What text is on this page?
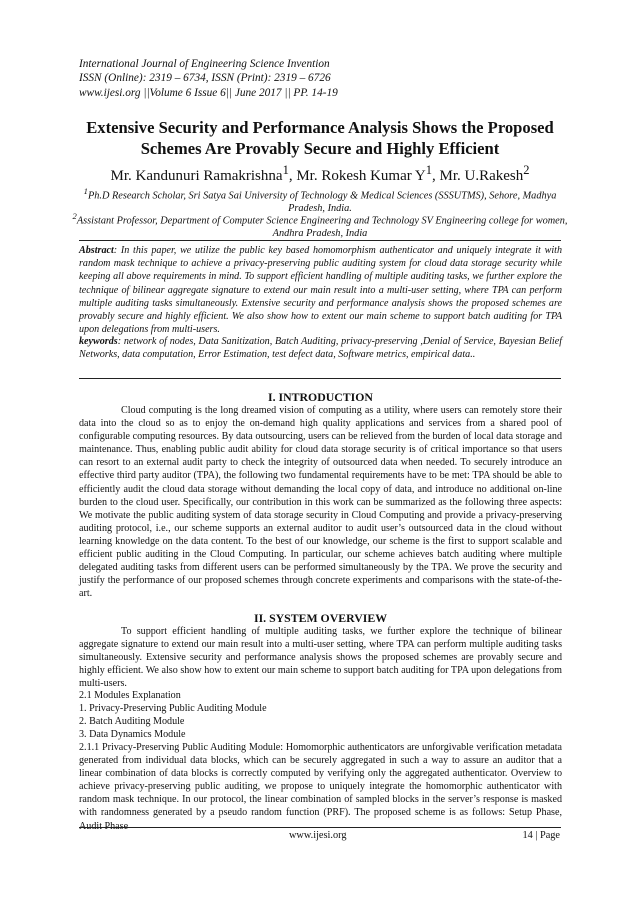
International Journal of Engineering Science Invention
ISSN (Online): 2319 – 6734, ISSN (Print): 2319 – 6726
www.ijesi.org ||Volume 6 Issue 6|| June 2017 || PP. 14-19
Extensive Security and Performance Analysis Shows the Proposed Schemes Are Provably Secure and Highly Efficient
Mr. Kandunuri Ramakrishna$^1$, Mr. Rokesh Kumar $Y^1$, Mr. U.Rakesh$^2$
$^1$Ph.D Research Scholar, Sri Satya Sai University of Technology & Medical Sciences (SSSUTMS), Sehore, Madhya Pradesh, India.
$^2$Assistant Professor, Department of Computer Science Engineering and Technology SV Engineering college for women, Andhra Pradesh, India
Abstract: In this paper, we utilize the public key based homomorphism authenticator and uniquely integrate it with random mask technique to achieve a privacy-preserving public auditing system for cloud data storage security while keeping all above requirements in mind. To support efficient handling of multiple auditing tasks, we further explore the technique of bilinear aggregate signature to extend our main result into a multi-user setting, where TPA can perform multiple auditing tasks simultaneously. Extensive security and performance analysis shows the proposed schemes are provably secure and highly efficient. We also show how to extent our main scheme to support batch auditing for TPA upon delegations from multi-users.
keywords: network of nodes, Data Sanitization, Batch Auditing, privacy-preserving ,Denial of Service, Bayesian Belief Networks, data computation, Error Estimation, test defect data, Software metrics, empirical data..
I. INTRODUCTION
Cloud computing is the long dreamed vision of computing as a utility, where users can remotely store their data into the cloud so as to enjoy the on-demand high quality applications and services from a shared pool of configurable computing resources. By data outsourcing, users can be relieved from the burden of local data storage and maintenance. Thus, enabling public audit ability for cloud data storage security is of critical importance so that users can resort to an external audit party to check the integrity of outsourced data when needed. To securely introduce an effective third party auditor (TPA), the following two fundamental requirements have to be met: TPA should be able to efficiently audit the cloud data storage without demanding the local copy of data, and introduce no additional on-line burden to the cloud user. Specifically, our contribution in this work can be summarized as the following three aspects: We motivate the public auditing system of data storage security in Cloud Computing and provide a privacy-preserving auditing protocol, i.e., our scheme supports an external auditor to audit user’s outsourced data in the cloud without learning knowledge on the data content. To the best of our knowledge, our scheme is the first to support scalable and efficient public auditing in the Cloud Computing. In particular, our scheme achieves batch auditing where multiple delegated auditing tasks from different users can be performed simultaneously by the TPA. We prove the security and justify the performance of our proposed schemes through concrete experiments and comparisons with the state-of-the-art.
II. SYSTEM OVERVIEW
To support efficient handling of multiple auditing tasks, we further explore the technique of bilinear aggregate signature to extend our main result into a multi-user setting, where TPA can perform multiple auditing tasks simultaneously. Extensive security and performance analysis shows the proposed schemes are provably secure and highly efficient. We also show how to extent our main scheme to support batch auditing for TPA upon delegations from multi-users.
2.1 Modules Explanation
1. Privacy-Preserving Public Auditing Module
2. Batch Auditing Module
3. Data Dynamics Module
2.1.1 Privacy-Preserving Public Auditing Module: Homomorphic authenticators are unforgivable verification metadata generated from individual data blocks, which can be securely aggregated in such a way to assure an auditor that a linear combination of data blocks is correctly computed by verifying only the aggregated authenticator. Overview to achieve privacy-preserving public auditing, we propose to uniquely integrate the homomorphic authenticator with random mask technique. In our protocol, the linear combination of sampled blocks in the server’s response is masked with randomness generated by a pseudo random function (PRF). The proposed scheme is as follows: Setup Phase, Audit Phase
www.ijesi.org	14 | Page
